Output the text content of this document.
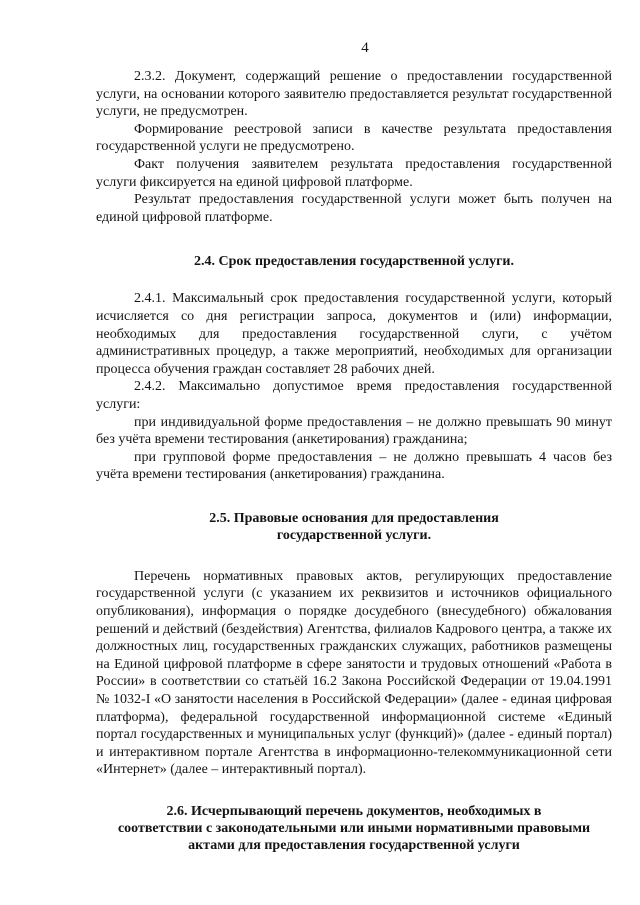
4

2.3.2. Документ, содержащий решение о предоставлении государственной услуги, на основании которого заявителю предоставляется результат государственной услуги, не предусмотрен.

Формирование реестровой записи в качестве результата предоставления государственной услуги не предусмотрено.

Факт получения заявителем результата предоставления государственной услуги фиксируется на единой цифровой платформе.

Результат предоставления государственной услуги может быть получен на единой цифровой платформе.

2.4. Срок предоставления государственной услуги.

2.4.1. Максимальный срок предоставления государственной услуги, который исчисляется со дня регистрации запроса, документов и (или) информации, необходимых для предоставления государственной слуги, с учётом административных процедур, а также мероприятий, необходимых для организации процесса обучения граждан составляет 28 рабочих дней.

2.4.2. Максимально допустимое время предоставления государственной услуги:

при индивидуальной форме предоставления – не должно превышать 90 минут без учёта времени тестирования (анкетирования) гражданина;

при групповой форме предоставления – не должно превышать 4 часов без учёта времени тестирования (анкетирования) гражданина.

2.5. Правовые основания для предоставления
государственной услуги.

Перечень нормативных правовых актов, регулирующих предоставление государственной услуги (с указанием их реквизитов и источников официального опубликования), информация о порядке досудебного (внесудебного) обжалования решений и действий (бездействия) Агентства, филиалов Кадрового центра, а также их должностных лиц, государственных гражданских служащих, работников размещены на Единой цифровой платформе в сфере занятости и трудовых отношений «Работа в России» в соответствии со статьёй 16.2 Закона Российской Федерации от 19.04.1991 № 1032-I «О занятости населения в Российской Федерации» (далее - единая цифровая платформа), федеральной государственной информационной системе «Единый портал государственных и муниципальных услуг (функций)» (далее - единый портал) и интерактивном портале Агентства в информационно-телекоммуникационной сети «Интернет» (далее – интерактивный портал).

2.6. Исчерпывающий перечень документов, необходимых в
соответствии с законодательными или иными нормативными правовыми
актами для предоставления государственной услуги
